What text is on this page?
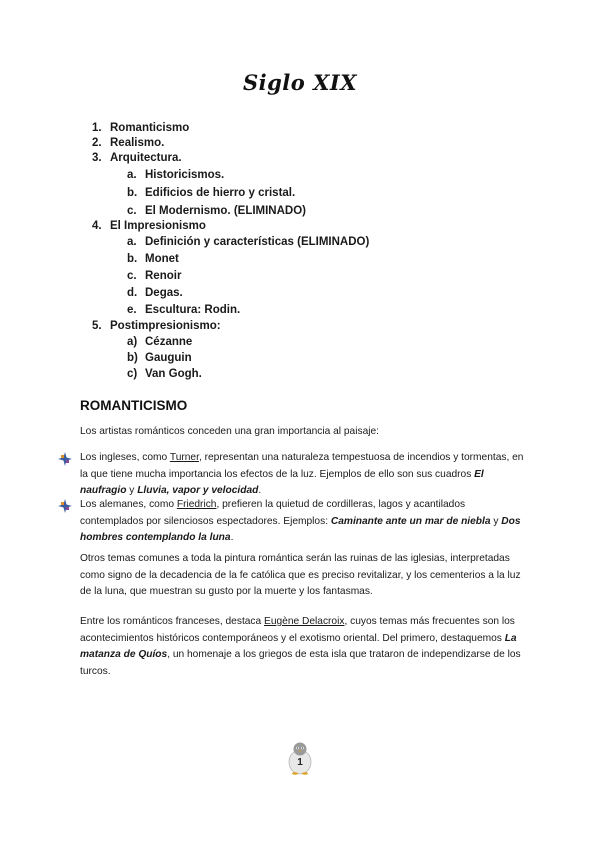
Siglo XIX
1. Romanticismo
2. Realismo.
3. Arquitectura.
a. Historicismos.
b. Edificios de hierro y cristal.
c. El Modernismo. (ELIMINADO)
4. El Impresionismo
a. Definición y características (ELIMINADO)
b. Monet
c. Renoir
d. Degas.
e. Escultura: Rodin.
5. Postimpresionismo:
a) Cézanne
b) Gauguin
c) Van Gogh.
ROMANTICISMO
Los artistas románticos conceden una gran importancia al paisaje:
Los ingleses, como Turner, representan una naturaleza tempestuosa de incendios y tormentas, en la que tiene mucha importancia los efectos de la luz. Ejemplos de ello son sus cuadros El naufragio y Lluvia, vapor y velocidad.
Los alemanes, como Friedrich, prefieren la quietud de cordilleras, lagos y acantilados contemplados por silenciosos espectadores. Ejemplos: Caminante ante un mar de niebla y Dos hombres contemplando la luna.
Otros temas comunes a toda la pintura romántica serán las ruinas de las iglesias, interpretadas como signo de la decadencia de la fe católica que es preciso revitalizar, y los cementerios a la luz de la luna, que muestran su gusto por la muerte y los fantasmas.
Entre los románticos franceses, destaca Eugène Delacroix, cuyos temas más frecuentes son los acontecimientos históricos contemporáneos y el exotismo oriental. Del primero, destaquemos La matanza de Quíos, un homenaje a los griegos de esta isla que trataron de independizarse de los turcos.
1
